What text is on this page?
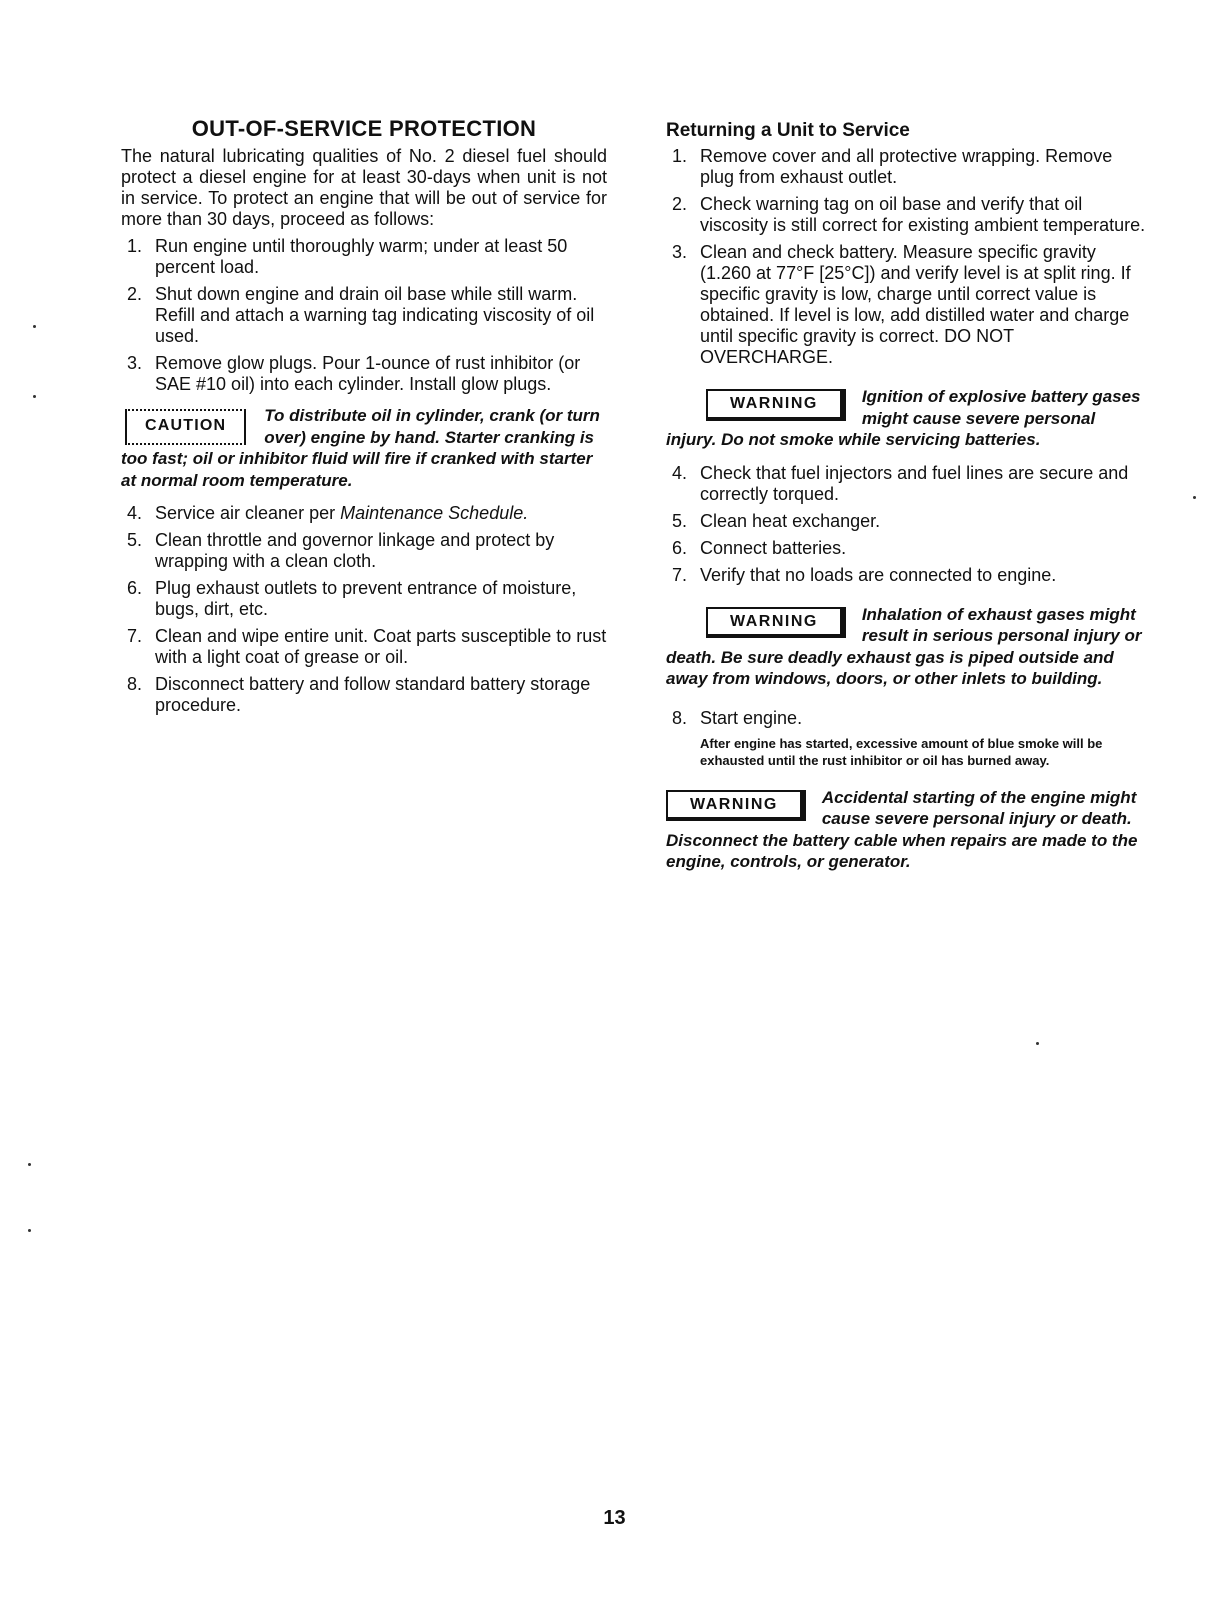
OUT-OF-SERVICE PROTECTION

The natural lubricating qualities of No. 2 diesel fuel should protect a diesel engine for at least 30-days when unit is not in service. To protect an engine that will be out of service for more than 30 days, proceed as follows:

1. Run engine until thoroughly warm; under at least 50 percent load.
2. Shut down engine and drain oil base while still warm. Refill and attach a warning tag indicating viscosity of oil used.
3. Remove glow plugs. Pour 1-ounce of rust inhibitor (or SAE #10 oil) into each cylinder. Install glow plugs.
CAUTION
To distribute oil in cylinder, crank (or turn over) engine by hand. Starter cranking is too fast; oil or inhibitor fluid will fire if cranked with starter at normal room temperature.
4. Service air cleaner per Maintenance Schedule.
5. Clean throttle and governor linkage and protect by wrapping with a clean cloth.
6. Plug exhaust outlets to prevent entrance of moisture, bugs, dirt, etc.
7. Clean and wipe entire unit. Coat parts susceptible to rust with a light coat of grease or oil.
8. Disconnect battery and follow standard battery storage procedure.
Returning a Unit to Service
1. Remove cover and all protective wrapping. Remove plug from exhaust outlet.
2. Check warning tag on oil base and verify that oil viscosity is still correct for existing ambient temperature.
3. Clean and check battery. Measure specific gravity (1.260 at 77°F [25°C]) and verify level is at split ring. If specific gravity is low, charge until correct value is obtained. If level is low, add distilled water and charge until specific gravity is correct. DO NOT OVERCHARGE.
WARNING	Ignition of explosive battery gases might cause severe personal injury. Do not smoke while servicing batteries.
4. Check that fuel injectors and fuel lines are secure and correctly torqued.
5. Clean heat exchanger.
6. Connect batteries.
7. Verify that no loads are connected to engine.
WARNING	Inhalation of exhaust gases might result in serious personal injury or death. Be sure deadly exhaust gas is piped outside and away from windows, doors, or other inlets to building.
8. Start engine.
After engine has started, excessive amount of blue smoke will be exhausted until the rust inhibitor or oil has burned away.
WARNING	Accidental starting of the engine might cause severe personal injury or death. Disconnect the battery cable when repairs are made to the engine, controls, or generator.
13
